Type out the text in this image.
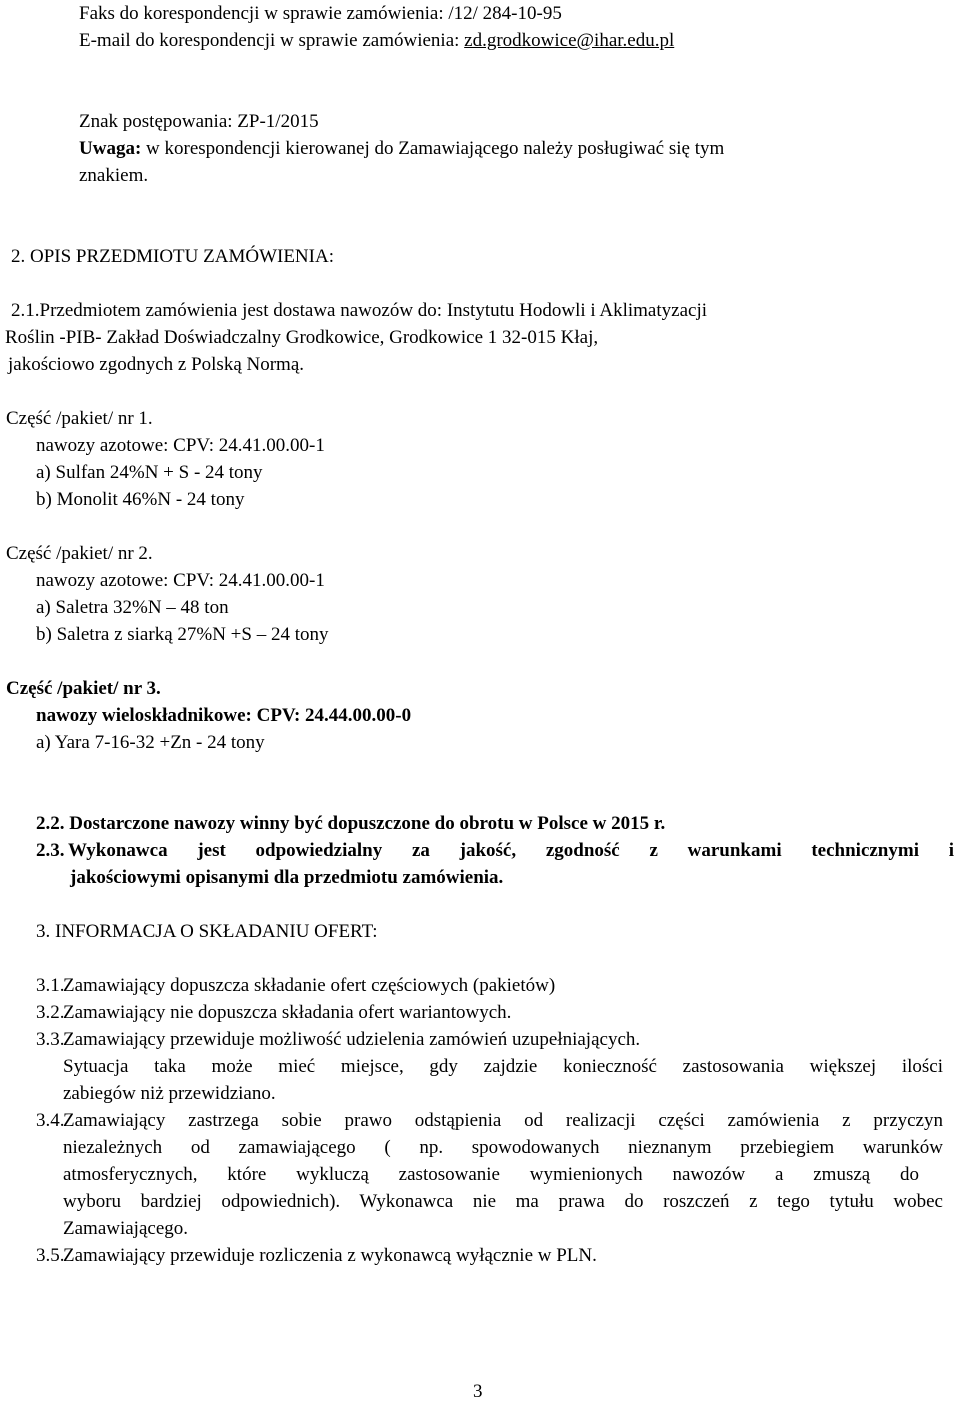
Faks do korespondencji w sprawie zamówienia: /12/ 284-10-95
E-mail do korespondencji w sprawie zamówienia: zd.grodkowice@ihar.edu.pl
Znak postępowania: ZP-1/2015
Uwaga: w korespondencji kierowanej do Zamawiającego należy posługiwać się tym
znakiem.
2. OPIS PRZEDMIOTU ZAMÓWIENIA:
2.1.Przedmiotem zamówienia jest dostawa nawozów do: Instytutu Hodowli i Aklimatyzacji
Roślin -PIB- Zakład Doświadczalny Grodkowice, Grodkowice 1 32-015 Kłaj,
jakościowo zgodnych z Polską Normą.
Część /pakiet/ nr 1.
nawozy azotowe: CPV: 24.41.00.00-1
a) Sulfan 24%N + S - 24 tony
b) Monolit 46%N - 24 tony
Część /pakiet/ nr 2.
nawozy azotowe: CPV: 24.41.00.00-1
a) Saletra 32%N – 48 ton
b) Saletra z siarką 27%N +S – 24 tony
Część /pakiet/ nr 3.
nawozy wieloskładnikowe: CPV: 24.44.00.00-0
a) Yara 7-16-32 +Zn - 24 tony
2.2. Dostarczone nawozy winny być dopuszczone do obrotu w Polsce w 2015 r.
2.3. Wykonawca jest odpowiedzialny za jakość, zgodność z warunkami technicznymi i
jakościowymi opisanymi dla przedmiotu zamówienia.
3. INFORMACJA O SKŁADANIU OFERT:
3.1.Zamawiający dopuszcza składanie ofert częściowych (pakietów)
3.2.Zamawiający nie dopuszcza składania ofert wariantowych.
3.3.Zamawiający przewiduje możliwość udzielenia zamówień uzupełniających.
Sytuacja taka może mieć miejsce, gdy zajdzie konieczność zastosowania większej ilości
zabiegów niż przewidziano.
3.4.Zamawiający zastrzega sobie prawo odstąpienia od realizacji części zamówienia z przyczyn
niezależnych od zamawiającego ( np. spowodowanych nieznanym przebiegiem warunków
atmosferycznych, które wykluczą zastosowanie wymienionych nawozów a zmuszą do
wyboru bardziej odpowiednich). Wykonawca nie ma prawa do roszczeń z tego tytułu wobec
Zamawiającego.
3.5.Zamawiający przewiduje rozliczenia z wykonawcą wyłącznie w PLN.
3
